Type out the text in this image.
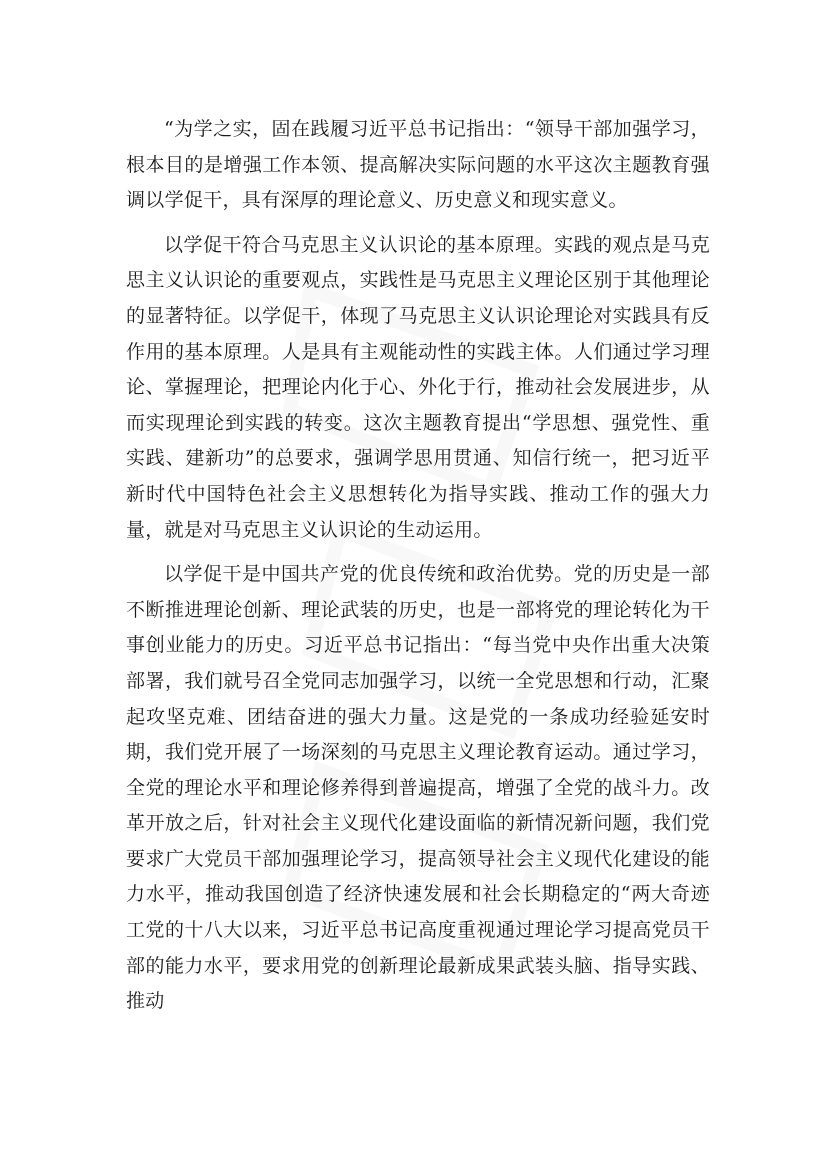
“为学之实，固在践履习近平总书记指出：“领导干部加强学习，根本目的是增强工作本领、提高解决实际问题的水平这次主题教育强调以学促干，具有深厚的理论意义、历史意义和现实意义。

以学促干符合马克思主义认识论的基本原理。实践的观点是马克思主义认识论的重要观点，实践性是马克思主义理论区别于其他理论的显著特征。以学促干，体现了马克思主义认识论理论对实践具有反作用的基本原理。人是具有主观能动性的实践主体。人们通过学习理论、掌握理论，把理论内化于心、外化于行，推动社会发展进步，从而实现理论到实践的转变。这次主题教育提出“学思想、强党性、重实践、建新功”的总要求，强调学思用贯通、知信行统一，把习近平新时代中国特色社会主义思想转化为指导实践、推动工作的强大力量，就是对马克思主义认识论的生动运用。

以学促干是中国共产党的优良传统和政治优势。党的历史是一部不断推进理论创新、理论武装的历史，也是一部将党的理论转化为干事创业能力的历史。习近平总书记指出：“每当党中央作出重大决策部署，我们就号召全党同志加强学习，以统一全党思想和行动，汇聚起攻坚克难、团结奋进的强大力量。这是党的一条成功经验延安时期，我们党开展了一场深刻的马克思主义理论教育运动。通过学习，全党的理论水平和理论修养得到普遍提高，增强了全党的战斗力。改革开放之后，针对社会主义现代化建设面临的新情况新问题，我们党要求广大党员干部加强理论学习，提高领导社会主义现代化建设的能力水平，推动我国创造了经济快速发展和社会长期稳定的“两大奇迹工党的十八大以来，习近平总书记高度重视通过理论学习提高党员干部的能力水平，要求用党的创新理论最新成果武装头脑、指导实践、推动
